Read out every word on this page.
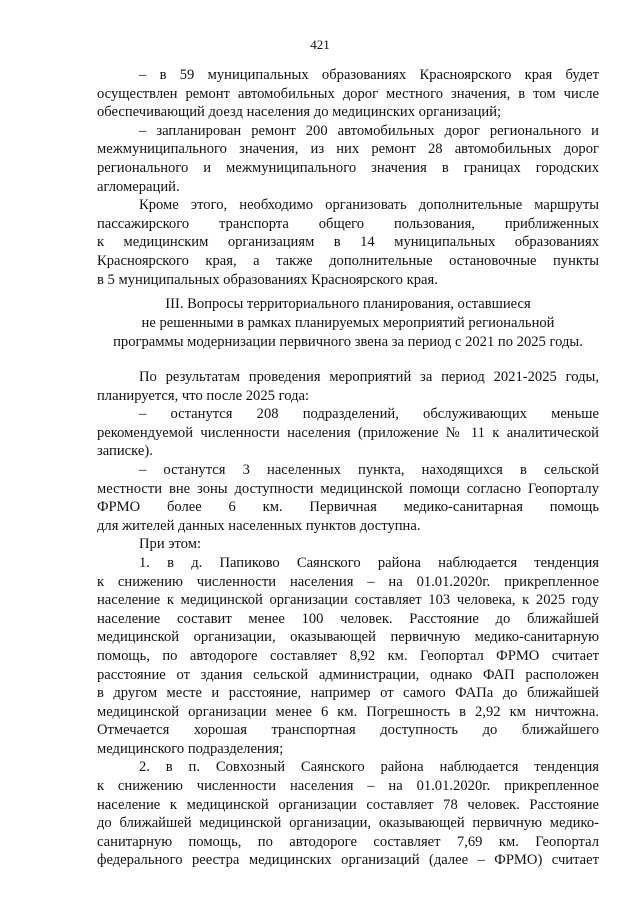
421
– в 59 муниципальных образованиях Красноярского края будет
осуществлен ремонт автомобильных дорог местного значения, в том числе
обеспечивающий доезд населения до медицинских организаций;
– запланирован ремонт 200 автомобильных дорог регионального и
межмуниципального значения, из них ремонт 28 автомобильных дорог
регионального и межмуниципального значения в границах городских
агломераций.
Кроме этого, необходимо организовать дополнительные маршруты
пассажирского транспорта общего пользования, приближенных
к медицинским организациям в 14 муниципальных образованиях
Красноярского края, а также дополнительные остановочные пункты
в 5 муниципальных образованиях Красноярского края.
III. Вопросы территориального планирования, оставшиеся
не решенными в рамках планируемых мероприятий региональной
программы модернизации первичного звена за период с 2021 по 2025 годы.
По результатам проведения мероприятий за период 2021-2025 годы,
планируется, что после 2025 года:
– останутся 208 подразделений, обслуживающих меньше
рекомендуемой численности населения (приложение № 11 к аналитической
записке).
– останутся 3 населенных пункта, находящихся в сельской
местности вне зоны доступности медицинской помощи согласно Геопорталу
ФРМО более 6 км. Первичная медико-санитарная помощь
для жителей данных населенных пунктов доступна.
При этом:
1. в д. Папиково Саянского района наблюдается тенденция
к снижению численности населения – на 01.01.2020г. прикрепленное
население к медицинской организации составляет 103 человека, к 2025 году
население составит менее 100 человек. Расстояние до ближайшей
медицинской организации, оказывающей первичную медико-санитарную
помощь, по автодороге составляет 8,92 км. Геопортал ФРМО считает
расстояние от здания сельской администрации, однако ФАП расположен
в другом месте и расстояние, например от самого ФАПа до ближайшей
медицинской организации менее 6 км. Погрешность в 2,92 км ничтожна.
Отмечается хорошая транспортная доступность до ближайшего
медицинского подразделения;
2. в п. Совхозный Саянского района наблюдается тенденция
к снижению численности населения – на 01.01.2020г. прикрепленное
население к медицинской организации составляет 78 человек. Расстояние
до ближайшей медицинской организации, оказывающей первичную медико-
санитарную помощь, по автодороге составляет 7,69 км. Геопортал
федерального реестра медицинских организаций (далее – ФРМО) считает
